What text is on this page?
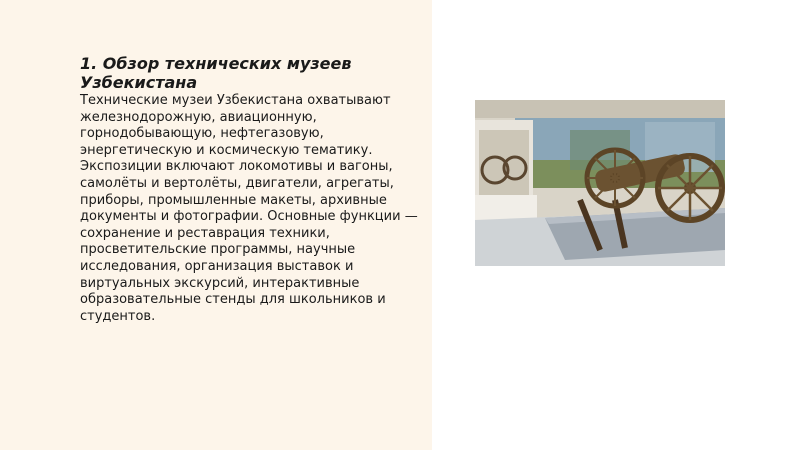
1. Обзор технических музеев Узбекистана

Технические музеи Узбекистана охватывают железнодорожную, авиационную, горнодобывающую, нефтегазовую, энергетическую и космическую тематику. Экспозиции включают локомотивы и вагоны, самолёты и вертолёты, двигатели, агрегаты, приборы, промышленные макеты, архивные документы и фотографии. Основные функции — сохранение и реставрация техники, просветительские программы, научные исследования, организация выставок и виртуальных экскурсий, интерактивные образовательные стенды для школьников и студентов.
